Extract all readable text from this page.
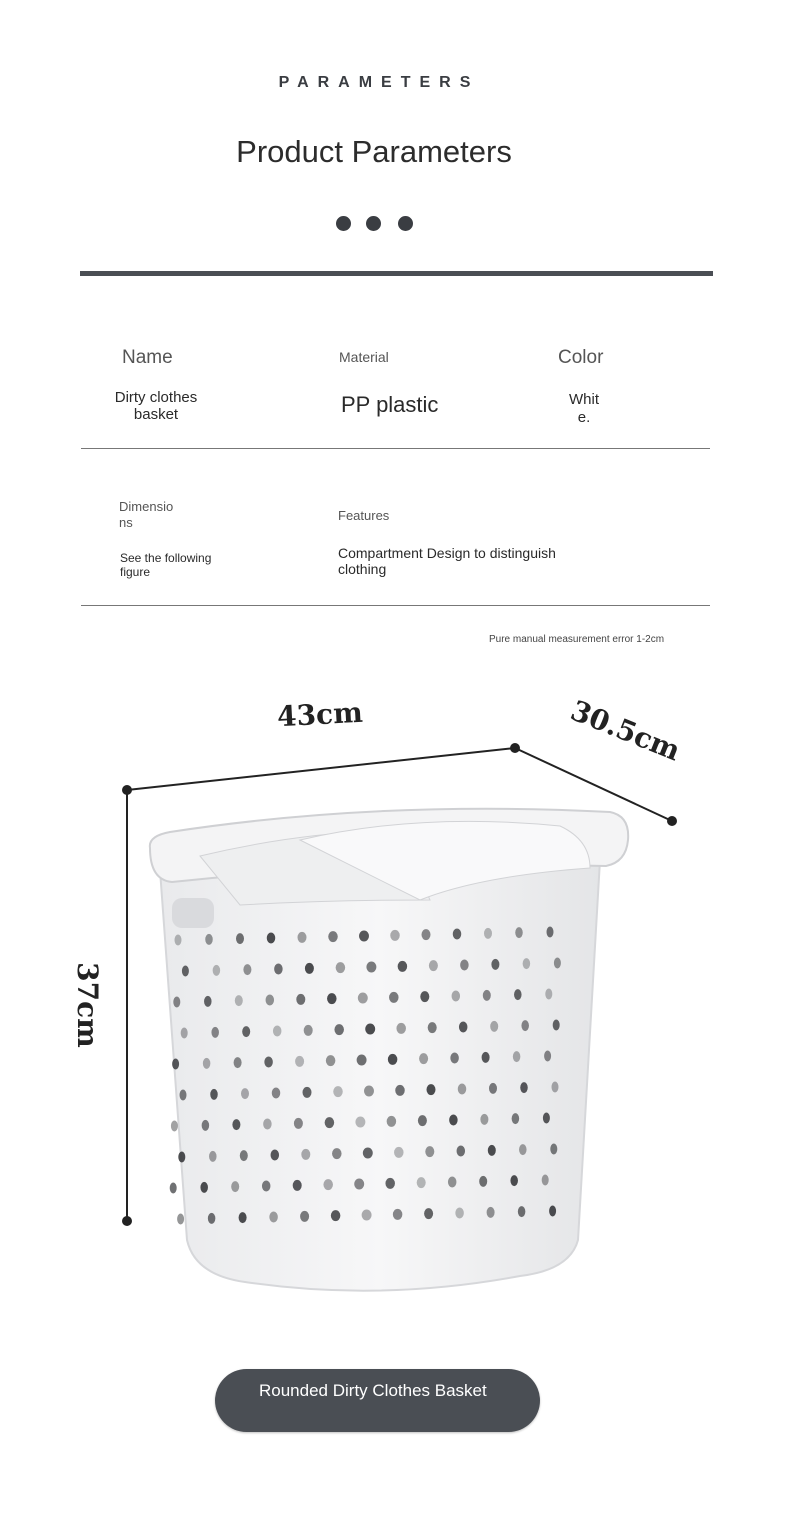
PARAMETERS
Product Parameters
Name
Dirty clothes basket
Material
PP plastic
Color
White.
Dimensions
See the following figure
Features
Compartment Design to distinguish clothing
Pure manual measurement error 1-2cm
43cm	30.5cm
37cm
Rounded Dirty Clothes Basket
